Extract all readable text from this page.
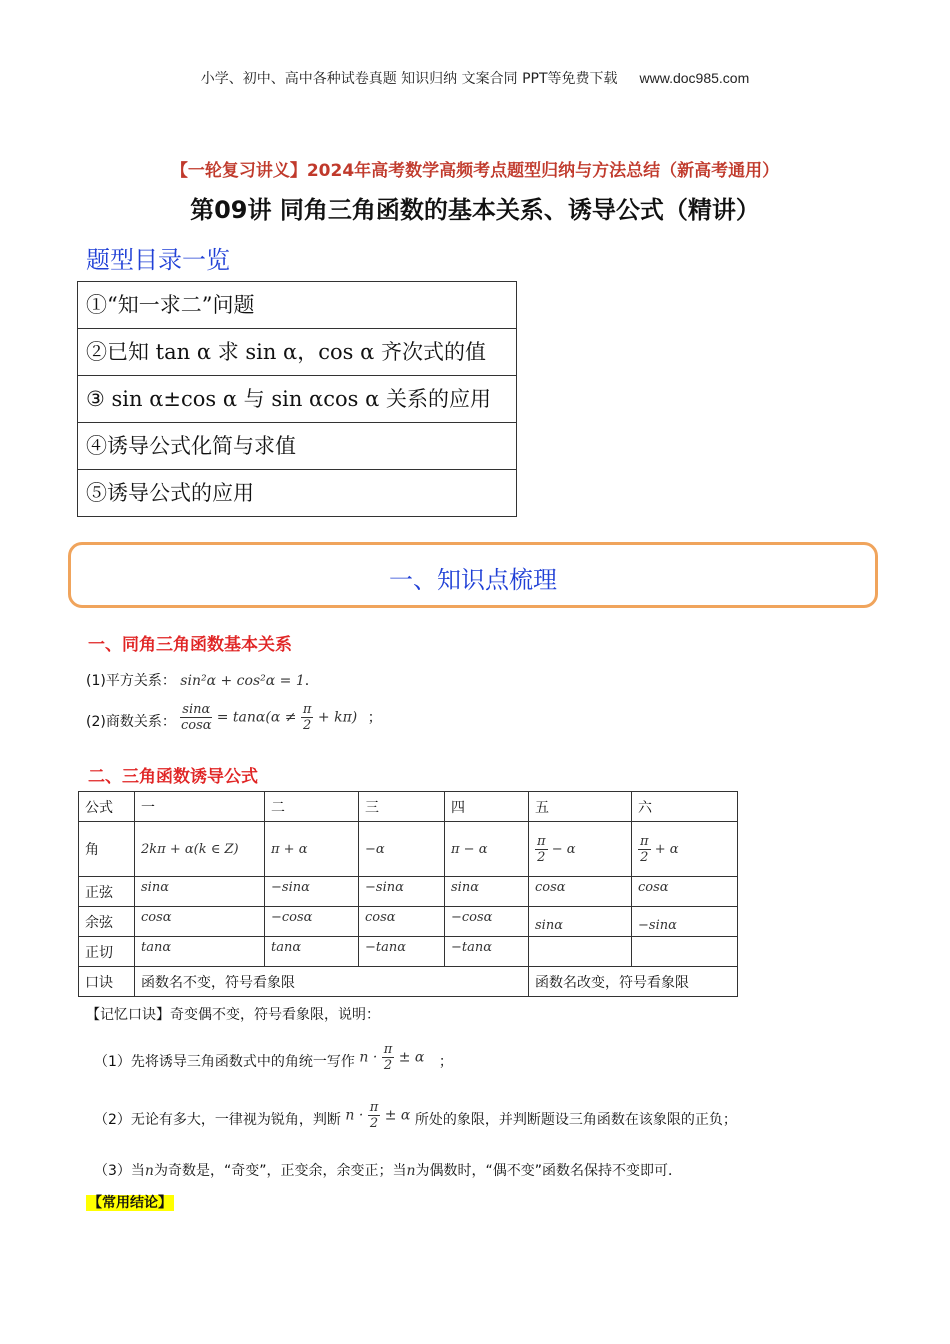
小学、初中、高中各种试卷真题 知识归纳 文案合同 PPT等免费下载 www.doc985.com
【一轮复习讲义】2024年高考数学高频考点题型归纳与方法总结（新高考通用）
第09讲 同角三角函数的基本关系、诱导公式（精讲）
题型目录一览
①“知一求二”问题
②已知 tan α 求 sin α，cos α 齐次式的值
③ sin α±cos α 与 sin αcos α 关系的应用
④诱导公式化简与求值
⑤诱导公式的应用
一、知识点梳理
一、同角三角函数基本关系
(1)平方关系： sin²α + cos²α = 1.
(2)商数关系： $\frac{\sin\alpha}{\cos\alpha} = \tan\alpha(\alpha \ne \frac{\pi}{2} + k\pi)$ ；
二、三角函数诱导公式
公式	一	二	三	四	五	六
角	2kπ + α(k ∈ Z)	π + α	−α	π − α	$\frac{\pi}{2} - \alpha$	$\frac{\pi}{2} + \alpha$
正弦	sinα	−sinα	−sinα	sinα	cosα	cosα
余弦	cosα	−cosα	cosα	−cosα	sinα	−sinα
正切	tanα	tanα	−tanα	−tanα		
口诀	函数名不变，符号看象限				函数名改变，符号看象限	
【记忆口诀】奇变偶不变，符号看象限，说明：
（1）先将诱导三角函数式中的角统一写作 $n \cdot \frac{\pi}{2} \pm \alpha$ ；
（2）无论有多大，一律视为锐角，判断 $n \cdot \frac{\pi}{2} \pm \alpha$ 所处的象限，并判断题设三角函数在该象限的正负；
（3）当n为奇数是，“奇变”，正变余，余变正；当n为偶数时，“偶不变”函数名保持不变即可．
【常用结论】
